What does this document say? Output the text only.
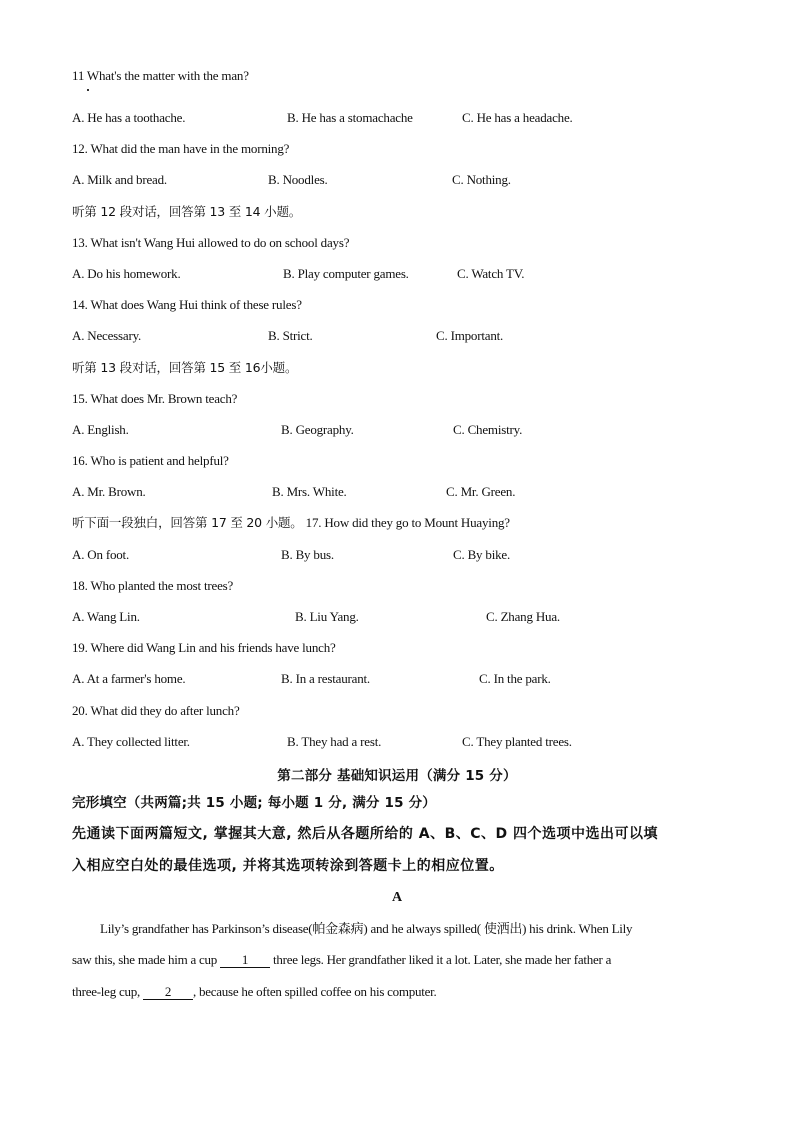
11 What's the matter with the man?
A. He has a toothache.	B. He has a stomachache	C. He has a headache.
12. What did the man have in the morning?
A. Milk and bread.	B. Noodles.	C. Nothing.
听第 12 段对话，回答第 13 至 14 小题。
13. What isn't Wang Hui allowed to do on school days?
A. Do his homework.	B. Play computer games.	C. Watch TV.
14. What does Wang Hui think of these rules?
A. Necessary.	B. Strict.	C. Important.
听第 13 段对话，回答第 15 至 16小题。
15. What does Mr. Brown teach?
A. English.	B. Geography.	C. Chemistry.
16. Who is patient and helpful?
A. Mr. Brown.	B. Mrs. White.	C. Mr. Green.
听下面一段独白，回答第 17 至 20 小题。 17. How did they go to Mount Huaying?
A. On foot.	B. By bus.	C. By bike.
18. Who planted the most trees?
A. Wang Lin.	B. Liu Yang.	C. Zhang Hua.
19. Where did Wang Lin and his friends have lunch?
A. At a farmer's home.	B. In a restaurant.	C. In the park.
20. What did they do after lunch?
A. They collected litter.	B. They had a rest.	C. They planted trees.
第二部分 基础知识运用（满分 15 分）
完形填空（共两篇;共 15 小题; 每小题 1 分, 满分 15 分）
先通读下面两篇短文, 掌握其大意, 然后从各题所给的 A、B、C、D 四个选项中选出可以填
入相应空白处的最佳选项, 并将其选项转涂到答题卡上的相应位置。
A
Lily’s grandfather has Parkinson’s disease(帕金森病) and he always spilled( 使洒出) his drink. When Lily
saw this, she made him a cup 1 three legs. Her grandfather liked it a lot. Later, she made her father a
three-leg cup, 2 , because he often spilled coffee on his computer.
